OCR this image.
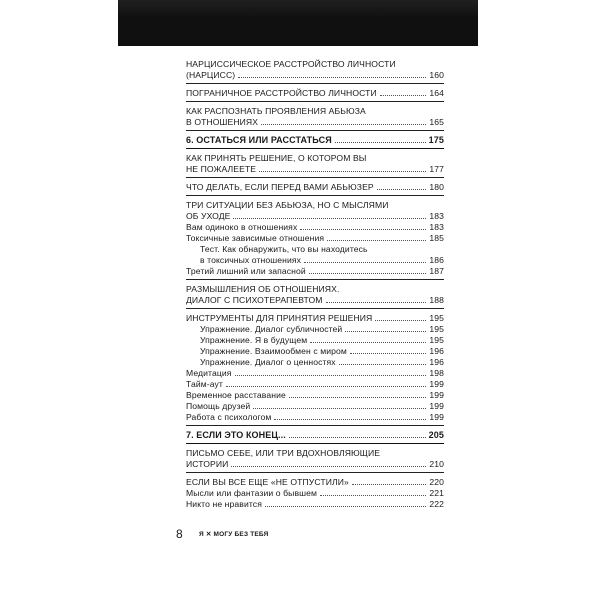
НАРЦИССИЧЕСКОЕ РАССТРОЙСТВО ЛИЧНОСТИ
(НАРЦИСС)	160
ПОГРАНИЧНОЕ РАССТРОЙСТВО ЛИЧНОСТИ	164
КАК РАСПОЗНАТЬ ПРОЯВЛЕНИЯ АБЬЮЗА
В ОТНОШЕНИЯХ	165
6. ОСТАТЬСЯ ИЛИ РАССТАТЬСЯ	175
КАК ПРИНЯТЬ РЕШЕНИЕ, О КОТОРОМ ВЫ
НЕ ПОЖАЛЕЕТЕ	177
ЧТО ДЕЛАТЬ, ЕСЛИ ПЕРЕД ВАМИ АБЬЮЗЕР	180
ТРИ СИТУАЦИИ БЕЗ АБЬЮЗА, НО С МЫСЛЯМИ
ОБ УХОДЕ	183
Вам одиноко в отношениях	183
Токсичные зависимые отношения	185
Тест. Как обнаружить, что вы находитесь
в токсичных отношениях	186
Третий лишний или запасной	187
РАЗМЫШЛЕНИЯ ОБ ОТНОШЕНИЯХ.
ДИАЛОГ С ПСИХОТЕРАПЕВТОМ	188
ИНСТРУМЕНТЫ ДЛЯ ПРИНЯТИЯ РЕШЕНИЯ	195
Упражнение. Диалог субличностей	195
Упражнение. Я в будущем	195
Упражнение. Взаимообмен с миром	196
Упражнение. Диалог о ценностях	196
Медитация	198
Тайм-аут	199
Временное расставание	199
Помощь друзей	199
Работа с психологом	199
7. ЕСЛИ ЭТО КОНЕЦ...	205
ПИСЬМО СЕБЕ, ИЛИ ТРИ ВДОХНОВЛЯЮЩИЕ
ИСТОРИИ	210
ЕСЛИ ВЫ ВСЕ ЕЩЕ «НЕ ОТПУСТИЛИ»	220
Мысли или фантазии о бывшем	221
Никто не нравится	222
8	Я ✕ МОГУ БЕЗ ТЕБЯ
